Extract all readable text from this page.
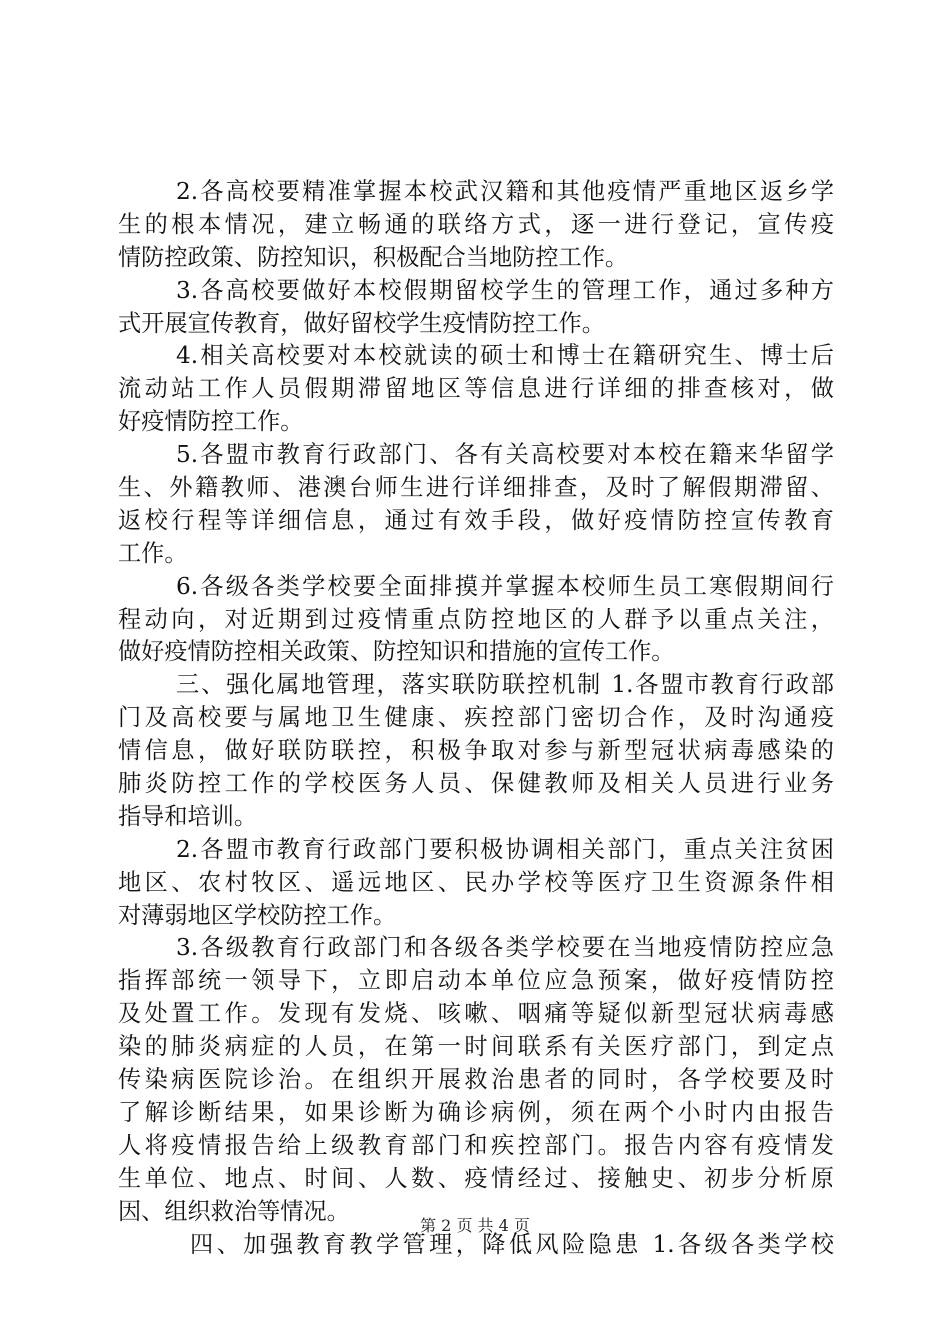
2.各高校要精准掌握本校武汉籍和其他疫情严重地区返乡学
生的根本情况，建立畅通的联络方式，逐一进行登记，宣传疫
情防控政策、防控知识，积极配合当地防控工作。
3.各高校要做好本校假期留校学生的管理工作，通过多种方
式开展宣传教育，做好留校学生疫情防控工作。
4.相关高校要对本校就读的硕士和博士在籍研究生、博士后
流动站工作人员假期滞留地区等信息进行详细的排查核对，做
好疫情防控工作。
5.各盟市教育行政部门、各有关高校要对本校在籍来华留学
生、外籍教师、港澳台师生进行详细排查，及时了解假期滞留、
返校行程等详细信息，通过有效手段，做好疫情防控宣传教育
工作。
6.各级各类学校要全面排摸并掌握本校师生员工寒假期间行
程动向，对近期到过疫情重点防控地区的人群予以重点关注，
做好疫情防控相关政策、防控知识和措施的宣传工作。
三、强化属地管理，落实联防联控机制 1.各盟市教育行政部
门及高校要与属地卫生健康、疾控部门密切合作，及时沟通疫
情信息，做好联防联控，积极争取对参与新型冠状病毒感染的
肺炎防控工作的学校医务人员、保健教师及相关人员进行业务
指导和培训。
2.各盟市教育行政部门要积极协调相关部门，重点关注贫困
地区、农村牧区、遥远地区、民办学校等医疗卫生资源条件相
对薄弱地区学校防控工作。
3.各级教育行政部门和各级各类学校要在当地疫情防控应急
指挥部统一领导下，立即启动本单位应急预案，做好疫情防控
及处置工作。发现有发烧、咳嗽、咽痛等疑似新型冠状病毒感
染的肺炎病症的人员，在第一时间联系有关医疗部门，到定点
传染病医院诊治。在组织开展救治患者的同时，各学校要及时
了解诊断结果，如果诊断为确诊病例，须在两个小时内由报告
人将疫情报告给上级教育部门和疾控部门。报告内容有疫情发
生单位、地点、时间、人数、疫情经过、接触史、初步分析原
因、组织救治等情况。
四、加强教育教学管理，降低风险隐患 1.各级各类学校
第 2 页 共 4 页
